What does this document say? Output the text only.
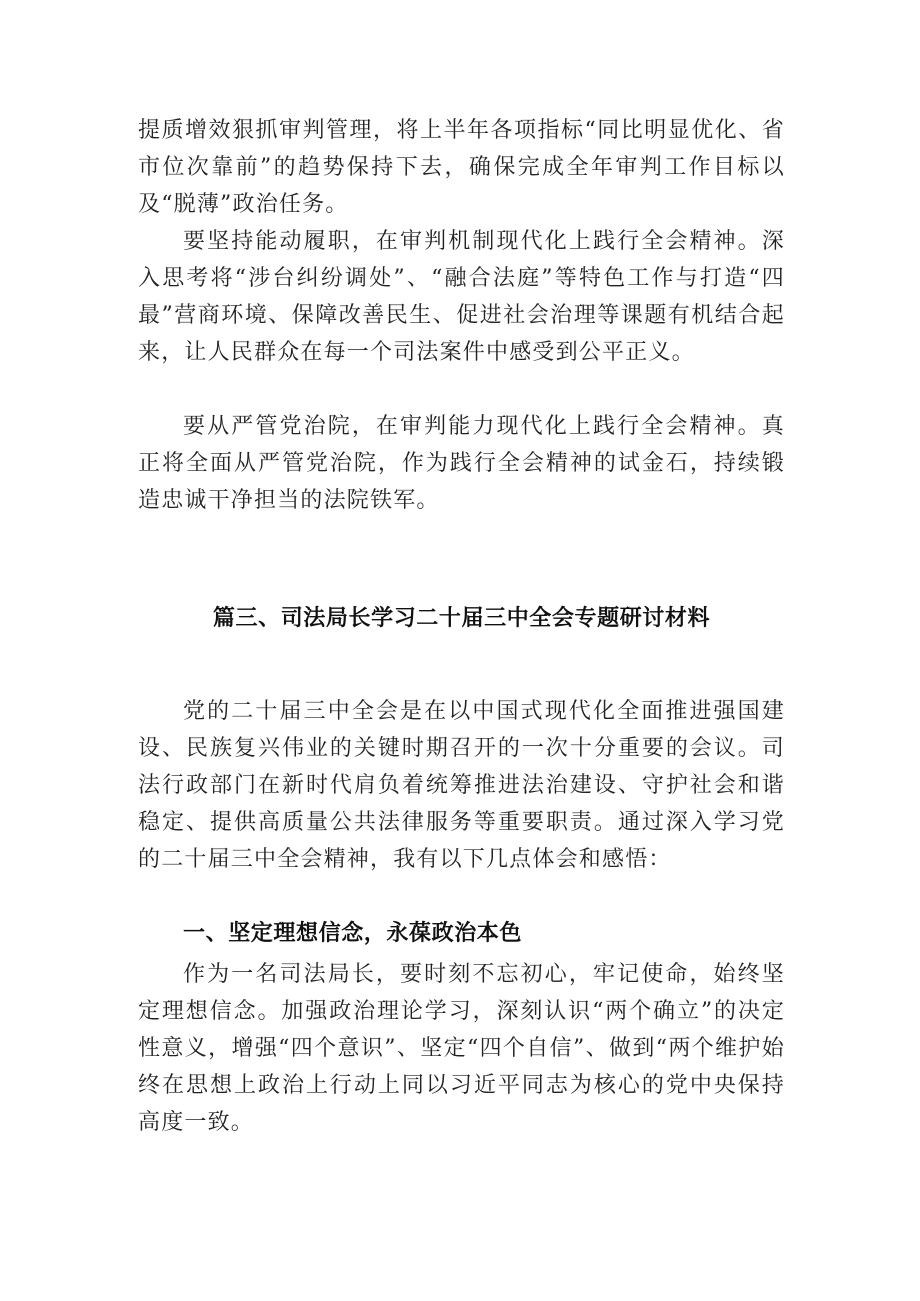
提质增效狠抓审判管理，将上半年各项指标“同比明显优化、省市位次靠前”的趋势保持下去，确保完成全年审判工作目标以及“脱薄”政治任务。

要坚持能动履职，在审判机制现代化上践行全会精神。深入思考将“涉台纠纷调处”、“融合法庭”等特色工作与打造“四最”营商环境、保障改善民生、促进社会治理等课题有机结合起来，让人民群众在每一个司法案件中感受到公平正义。

要从严管党治院，在审判能力现代化上践行全会精神。真正将全面从严管党治院，作为践行全会精神的试金石，持续锻造忠诚干净担当的法院铁军。

篇三、司法局长学习二十届三中全会专题研讨材料

党的二十届三中全会是在以中国式现代化全面推进强国建设、民族复兴伟业的关键时期召开的一次十分重要的会议。司法行政部门在新时代肩负着统筹推进法治建设、守护社会和谐稳定、提供高质量公共法律服务等重要职责。通过深入学习党的二十届三中全会精神，我有以下几点体会和感悟：

一、坚定理想信念，永葆政治本色

作为一名司法局长，要时刻不忘初心，牢记使命，始终坚定理想信念。加强政治理论学习，深刻认识“两个确立”的决定性意义，增强“四个意识”、坚定“四个自信”、做到“两个维护始终在思想上政治上行动上同以习近平同志为核心的党中央保持高度一致。
